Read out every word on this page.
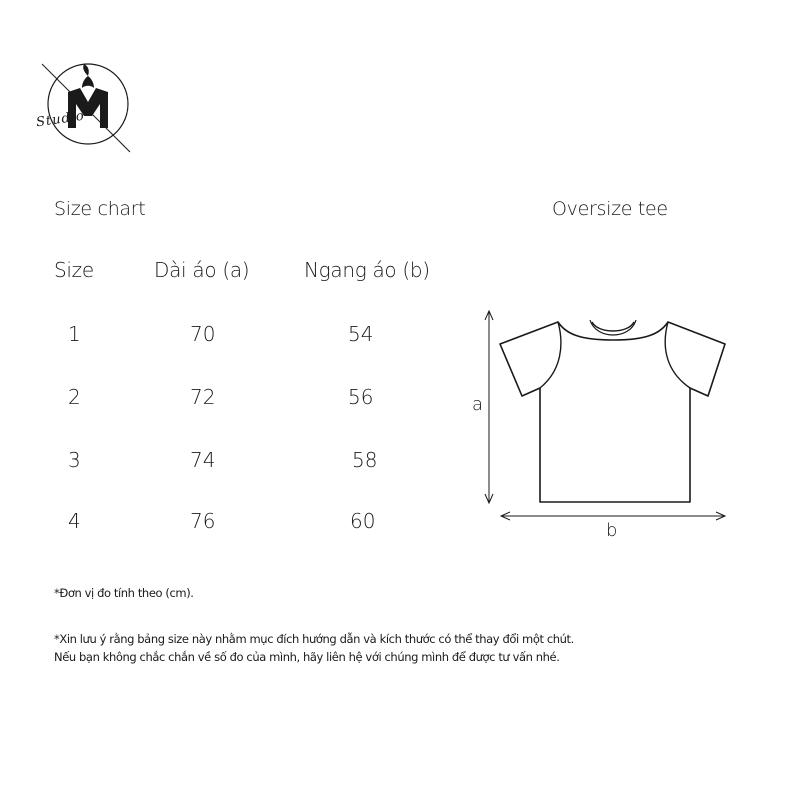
Studio
Size chart	Oversize tee
Size	Dài áo (a)	Ngang áo (b)
1	70	54
2	72	56
3	74	58
4	76	60
a
b
*Đơn vị đo tính theo (cm).
*Xin lưu ý rằng bảng size này nhằm mục đích hướng dẫn và kích thước có thể thay đổi một chút.
Nếu bạn không chắc chắn về số đo của mình, hãy liên hệ với chúng mình để được tư vấn nhé.
